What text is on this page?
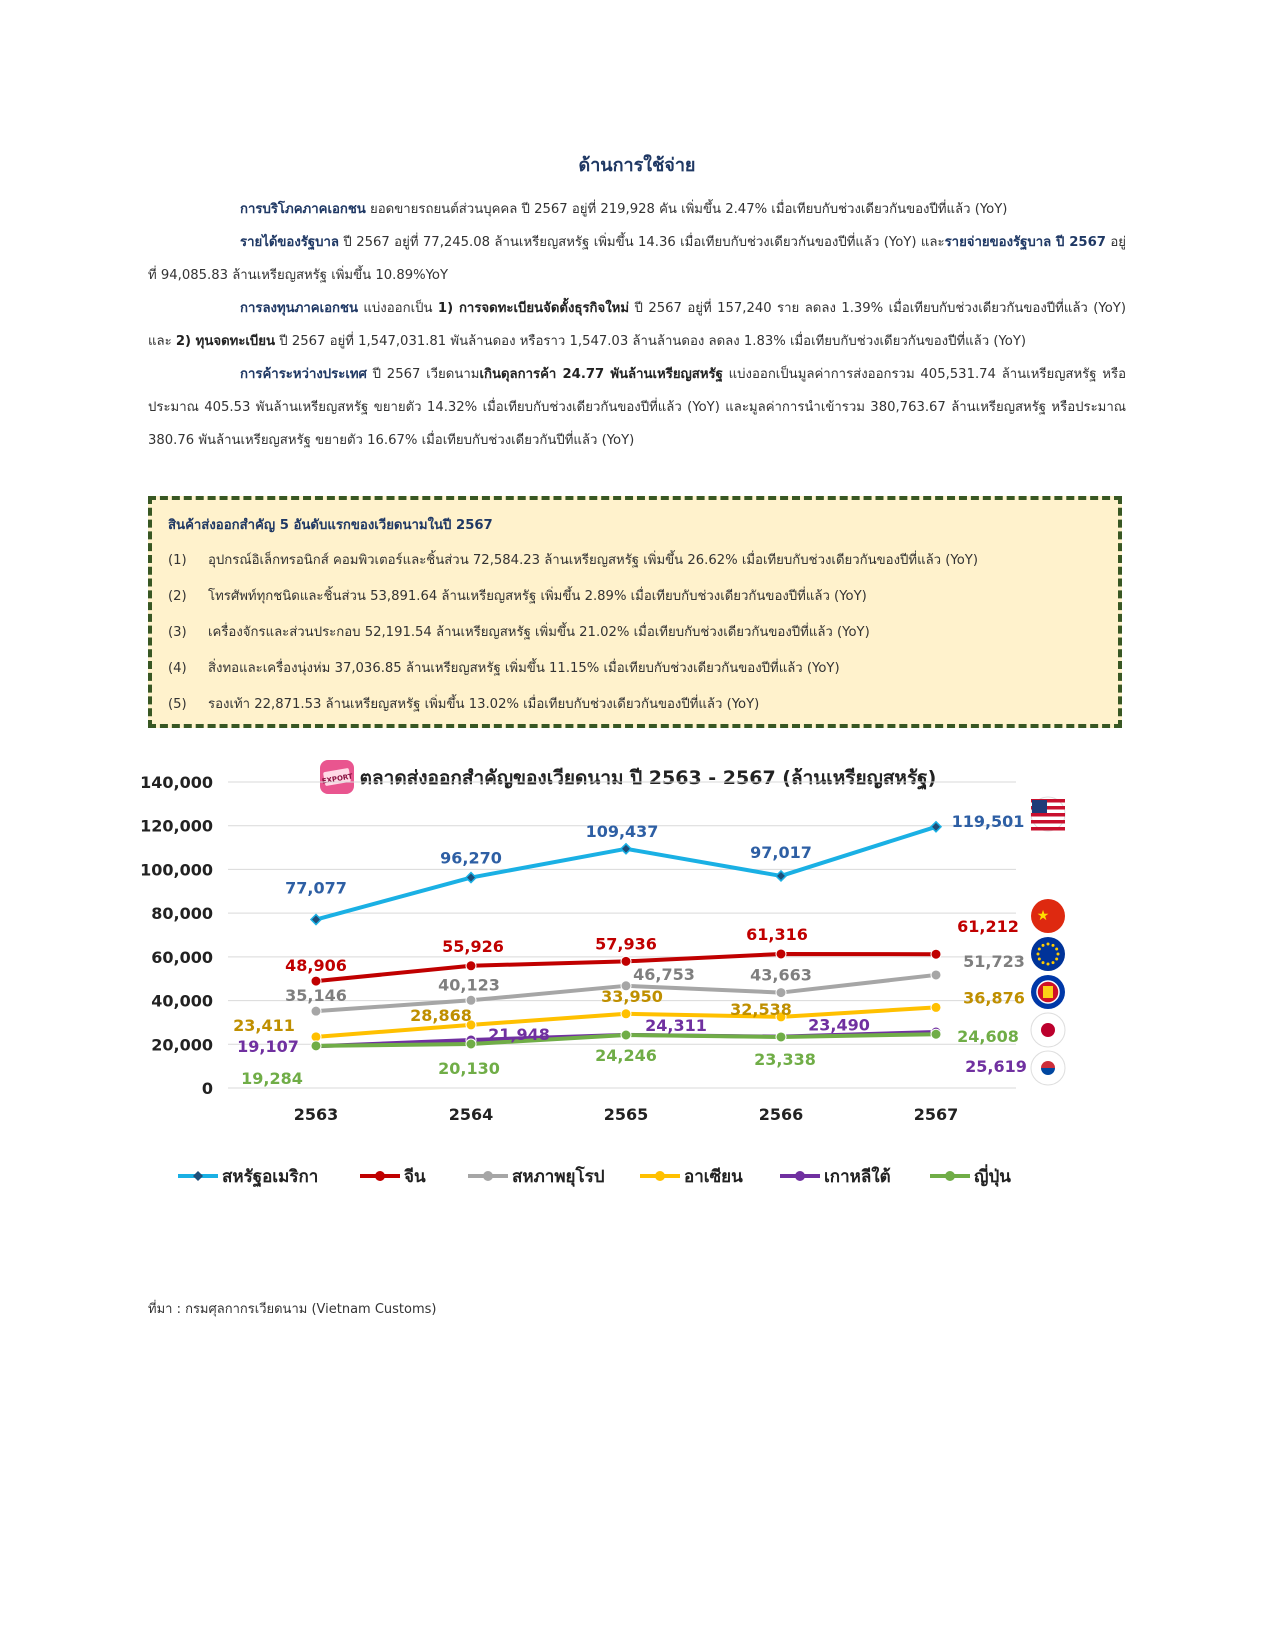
ด้านการใช้จ่าย

การบริโภคภาคเอกชน ยอดขายรถยนต์ส่วนบุคคล ปี 2567 อยู่ที่ 219,928 คัน เพิ่มขึ้น 2.47% เมื่อเทียบกับช่วงเดียวกันของปีที่แล้ว (YoY)

รายได้ของรัฐบาล ปี 2567 อยู่ที่ 77,245.08 ล้านเหรียญสหรัฐ เพิ่มขึ้น 14.36 เมื่อเทียบกับช่วงเดียวกันของปีที่แล้ว (YoY) และรายจ่ายของรัฐบาล ปี 2567 อยู่ที่ 94,085.83 ล้านเหรียญสหรัฐ เพิ่มขึ้น 10.89%YoY

การลงทุนภาคเอกชน แบ่งออกเป็น 1) การจดทะเบียนจัดตั้งธุรกิจใหม่ ปี 2567 อยู่ที่ 157,240 ราย ลดลง 1.39% เมื่อเทียบกับช่วงเดียวกันของปีที่แล้ว (YoY) และ 2) ทุนจดทะเบียน ปี 2567 อยู่ที่ 1,547,031.81 พันล้านดอง หรือราว 1,547.03 ล้านล้านดอง ลดลง 1.83% เมื่อเทียบกับช่วงเดียวกันของปีที่แล้ว (YoY)

การค้าระหว่างประเทศ ปี 2567 เวียดนามเกินดุลการค้า 24.77 พันล้านเหรียญสหรัฐ แบ่งออกเป็นมูลค่าการส่งออกรวม 405,531.74 ล้านเหรียญสหรัฐ หรือประมาณ 405.53 พันล้านเหรียญสหรัฐ ขยายตัว 14.32% เมื่อเทียบกับช่วงเดียวกันของปีที่แล้ว (YoY) และมูลค่าการนำเข้ารวม 380,763.67 ล้านเหรียญสหรัฐ หรือประมาณ 380.76 พันล้านเหรียญสหรัฐ ขยายตัว 16.67% เมื่อเทียบกับช่วงเดียวกันปีที่แล้ว (YoY)

สินค้าส่งออกสำคัญ 5 อันดับแรกของเวียดนามในปี 2567
(1)	อุปกรณ์อิเล็กทรอนิกส์ คอมพิวเตอร์และชิ้นส่วน 72,584.23 ล้านเหรียญสหรัฐ เพิ่มขึ้น 26.62% เมื่อเทียบกับช่วงเดียวกันของปีที่แล้ว (YoY)
(2)	โทรศัพท์ทุกชนิดและชิ้นส่วน 53,891.64 ล้านเหรียญสหรัฐ เพิ่มขึ้น 2.89% เมื่อเทียบกับช่วงเดียวกันของปีที่แล้ว (YoY)
(3)	เครื่องจักรและส่วนประกอบ 52,191.54 ล้านเหรียญสหรัฐ เพิ่มขึ้น 21.02% เมื่อเทียบกับช่วงเดียวกันของปีที่แล้ว (YoY)
(4)	สิ่งทอและเครื่องนุ่งห่ม 37,036.85 ล้านเหรียญสหรัฐ เพิ่มขึ้น 11.15% เมื่อเทียบกับช่วงเดียวกันของปีที่แล้ว (YoY)
(5)	รองเท้า 22,871.53 ล้านเหรียญสหรัฐ เพิ่มขึ้น 13.02% เมื่อเทียบกับช่วงเดียวกันของปีที่แล้ว (YoY)
EXPORT ตลาดส่งออกสำคัญของเวียดนาม ปี 2563 - 2567 (ล้านเหรียญสหรัฐ)
0
20,000
40,000
60,000
80,000
100,000
120,000
140,000
2563	2564	2565	2566	2567
77,077
96,270
109,437
97,017
119,501
48,906
55,926	57,936	61,316	61,212
35,146
40,123
46,753	43,663
51,723
23,411
28,868
33,950
32,538
36,876
19,107
21,948	24,311	23,490
25,619
19,284
20,130
24,246	23,338
24,608
★
สหรัฐอเมริกา	จีน	สหภาพยุโรป	อาเซียน	เกาหลีใต้	ญี่ปุ่น
ที่มา : กรมศุลกากรเวียดนาม (Vietnam Customs)
